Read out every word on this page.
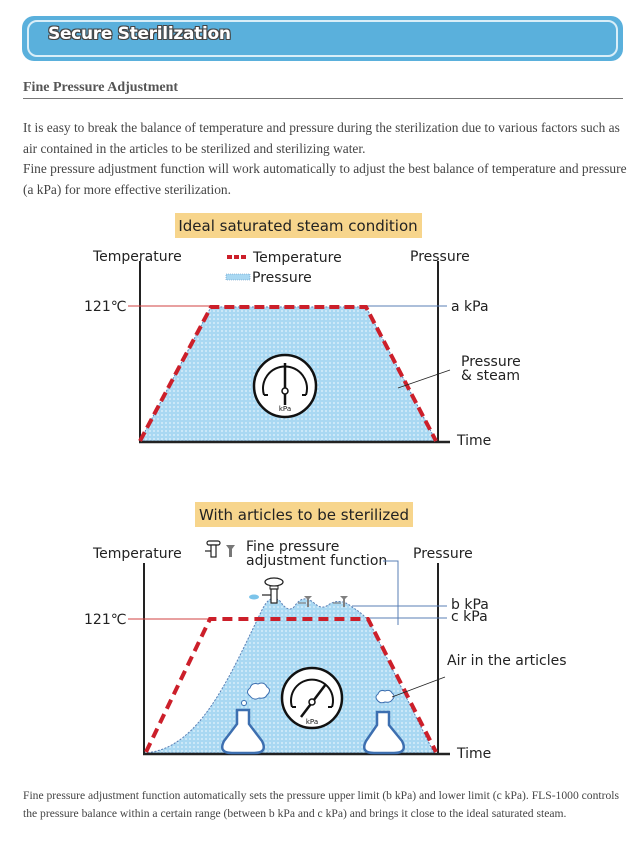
Secure Sterilization
Fine Pressure Adjustment
It is easy to break the balance of temperature and pressure during the sterilization due to various factors such as air contained in the articles to be sterilized and sterilizing water.
Fine pressure adjustment function will work automatically to adjust the best balance of temperature and pressure (a kPa) for more effective sterilization.
Ideal saturated steam condition
Temperature	Pressure
Temperature
Pressure
121℃	a kPa
Pressure
& steam
Time
kPa
With articles to be sterilized
Temperature	Pressure
Fine pressure
adjustment function
121℃
b kPa
c kPa
Air in the articles
Time
kPa
Fine pressure adjustment function automatically sets the pressure upper limit (b kPa) and lower limit (c kPa). FLS-1000 controls the pressure balance within a certain range (between b kPa and c kPa) and brings it close to the ideal saturated steam.
